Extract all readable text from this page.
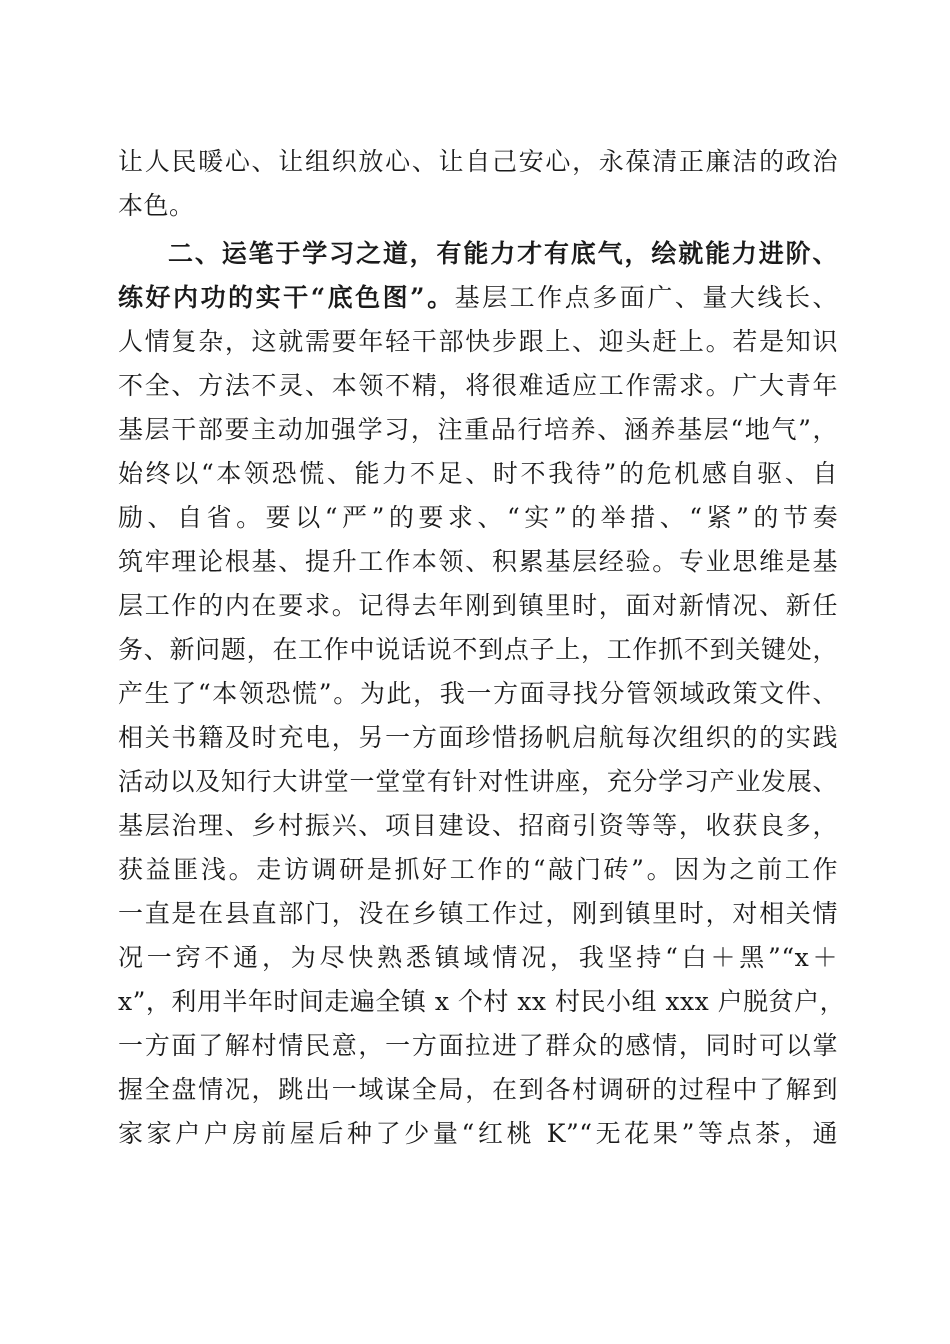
让人民暖心、让组织放心、让自己安心，永葆清正廉洁的政治
本色。
二、运笔于学习之道，有能力才有底气，绘就能力进阶、
练好内功的实干“底色图”。基层工作点多面广、量大线长、
人情复杂，这就需要年轻干部快步跟上、迎头赶上。若是知识
不全、方法不灵、本领不精，将很难适应工作需求。广大青年
基层干部要主动加强学习，注重品行培养、涵养基层“地气”，
始终以“本领恐慌、能力不足、时不我待”的危机感自驱、自
励、自省。要以“严”的要求、“实”的举措、“紧”的节奏
筑牢理论根基、提升工作本领、积累基层经验。专业思维是基
层工作的内在要求。记得去年刚到镇里时，面对新情况、新任
务、新问题，在工作中说话说不到点子上，工作抓不到关键处，
产生了“本领恐慌”。为此，我一方面寻找分管领域政策文件、
相关书籍及时充电，另一方面珍惜扬帆启航每次组织的的实践
活动以及知行大讲堂一堂堂有针对性讲座，充分学习产业发展、
基层治理、乡村振兴、项目建设、招商引资等等，收获良多，
获益匪浅。走访调研是抓好工作的“敲门砖”。因为之前工作
一直是在县直部门，没在乡镇工作过，刚到镇里时，对相关情
况一窍不通，为尽快熟悉镇域情况，我坚持“白＋黑”“x＋
x”，利用半年时间走遍全镇 x 个村 xx 村民小组 xxx 户脱贫户，
一方面了解村情民意，一方面拉进了群众的感情，同时可以掌
握全盘情况，跳出一域谋全局，在到各村调研的过程中了解到
家家户户房前屋后种了少量“红桃 K”“无花果”等点茶，通
